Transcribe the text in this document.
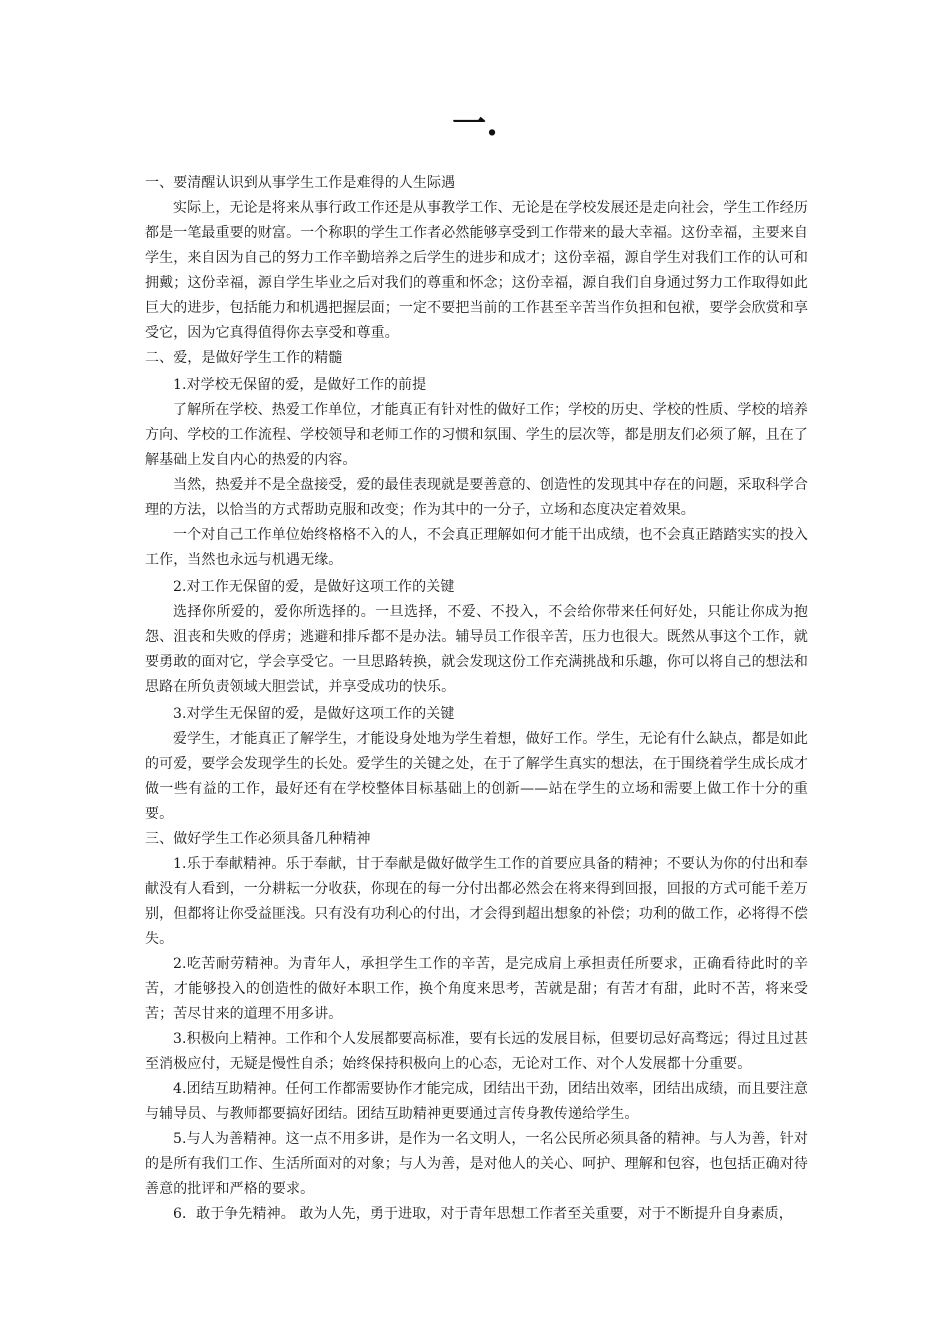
一.

一、要清醒认识到从事学生工作是难得的人生际遇

实际上，无论是将来从事行政工作还是从事教学工作、无论是在学校发展还是走向社会，学生工作经历都是一笔最重要的财富。一个称职的学生工作者必然能够享受到工作带来的最大幸福。这份幸福，主要来自学生，来自因为自己的努力工作辛勤培养之后学生的进步和成才；这份幸福，源自学生对我们工作的认可和拥戴；这份幸福，源自学生毕业之后对我们的尊重和怀念；这份幸福，源自我们自身通过努力工作取得如此巨大的进步，包括能力和机遇把握层面；一定不要把当前的工作甚至辛苦当作负担和包袱，要学会欣赏和享受它，因为它真得值得你去享受和尊重。

二、爱，是做好学生工作的精髓

1.对学校无保留的爱，是做好工作的前提

了解所在学校、热爱工作单位，才能真正有针对性的做好工作；学校的历史、学校的性质、学校的培养方向、学校的工作流程、学校领导和老师工作的习惯和氛围、学生的层次等，都是朋友们必须了解，且在了解基础上发自内心的热爱的内容。

当然，热爱并不是全盘接受，爱的最佳表现就是要善意的、创造性的发现其中存在的问题，采取科学合理的方法，以恰当的方式帮助克服和改变；作为其中的一分子，立场和态度决定着效果。

一个对自己工作单位始终格格不入的人，不会真正理解如何才能干出成绩，也不会真正踏踏实实的投入工作，当然也永远与机遇无缘。

2.对工作无保留的爱，是做好这项工作的关键

选择你所爱的，爱你所选择的。一旦选择，不爱、不投入，不会给你带来任何好处，只能让你成为抱怨、沮丧和失败的俘虏；逃避和排斥都不是办法。辅导员工作很辛苦，压力也很大。既然从事这个工作，就要勇敢的面对它，学会享受它。一旦思路转换，就会发现这份工作充满挑战和乐趣，你可以将自己的想法和思路在所负责领域大胆尝试，并享受成功的快乐。

3.对学生无保留的爱，是做好这项工作的关键

爱学生，才能真正了解学生，才能设身处地为学生着想，做好工作。学生，无论有什么缺点，都是如此的可爱，要学会发现学生的长处。爱学生的关键之处，在于了解学生真实的想法，在于围绕着学生成长成才做一些有益的工作，最好还有在学校整体目标基础上的创新——站在学生的立场和需要上做工作十分的重要。

三、做好学生工作必须具备几种精神

1.乐于奉献精神。乐于奉献，甘于奉献是做好做学生工作的首要应具备的精神；不要认为你的付出和奉献没有人看到，一分耕耘一分收获，你现在的每一分付出都必然会在将来得到回报，回报的方式可能千差万别，但都将让你受益匪浅。只有没有功利心的付出，才会得到超出想象的补偿；功利的做工作，必将得不偿失。

2.吃苦耐劳精神。为青年人，承担学生工作的辛苦，是完成肩上承担责任所要求，正确看待此时的辛苦，才能够投入的创造性的做好本职工作，换个角度来思考，苦就是甜；有苦才有甜，此时不苦，将来受苦；苦尽甘来的道理不用多讲。

3.积极向上精神。工作和个人发展都要高标准，要有长远的发展目标，但要切忌好高骛远；得过且过甚至消极应付，无疑是慢性自杀；始终保持积极向上的心态，无论对工作、对个人发展都十分重要。

4.团结互助精神。任何工作都需要协作才能完成，团结出干劲，团结出效率，团结出成绩，而且要注意与辅导员、与教师都要搞好团结。团结互助精神更要通过言传身教传递给学生。

5.与人为善精神。这一点不用多讲，是作为一名文明人，一名公民所必须具备的精神。与人为善，针对的是所有我们工作、生活所面对的对象；与人为善，是对他人的关心、呵护、理解和包容，也包括正确对待善意的批评和严格的要求。

6．敢于争先精神。 敢为人先，勇于进取，对于青年思想工作者至关重要，对于不断提升自身素质，
